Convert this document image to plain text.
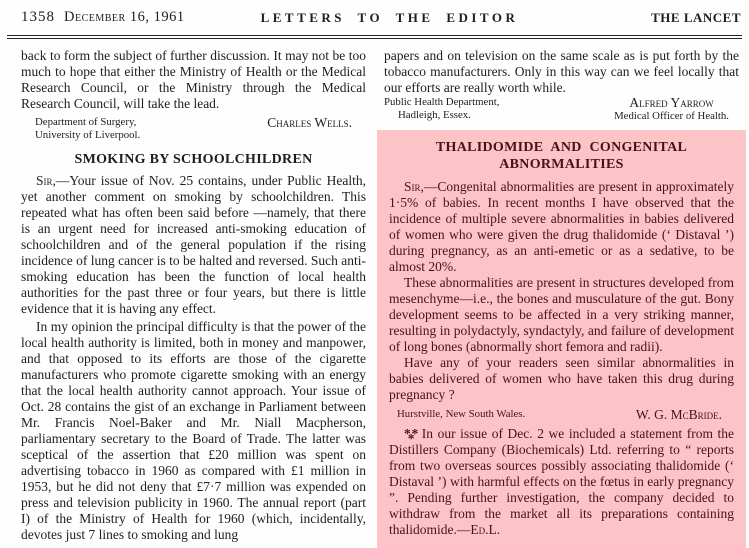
1358 December 16, 1961	LETTERS TO THE EDITOR	THE LANCET

back to form the subject of further discussion. It may not be too much to hope that either the Ministry of Health or the Medical Research Council, or the Ministry through the Medical Research Council, will take the lead.

Department of Surgery,
University of Liverpool.
Charles Wells.
SMOKING BY SCHOOLCHILDREN

Sir,—Your issue of Nov. 25 contains, under Public Health, yet another comment on smoking by schoolchildren. This repeated what has often been said before —namely, that there is an urgent need for increased anti-smoking education of schoolchildren and of the general population if the rising incidence of lung cancer is to be halted and reversed. Such anti-smoking education has been the function of local health authorities for the past three or four years, but there is little evidence that it is having any effect.

In my opinion the principal difficulty is that the power of the local health authority is limited, both in money and manpower, and that opposed to its efforts are those of the cigarette manufacturers who promote cigarette smoking with an energy that the local health authority cannot approach. Your issue of Oct. 28 contains the gist of an exchange in Parliament between Mr. Francis Noel-Baker and Mr. Niall Macpherson, parliamentary secretary to the Board of Trade. The latter was sceptical of the assertion that £20 million was spent on advertising tobacco in 1960 as compared with £1 million in 1953, but he did not deny that £7·7 million was expended on press and television publicity in 1960. The annual report (part I) of the Ministry of Health for 1960 (which, incidentally, devotes just 7 lines to smoking and lung

papers and on television on the same scale as is put forth by the tobacco manufacturers. Only in this way can we feel locally that our efforts are really worth while.

Public Health Department,
Hadleigh, Essex.
Alfred Yarrow
Medical Officer of Health.
THALIDOMIDE AND CONGENITAL ABNORMALITIES

Sir,—Congenital abnormalities are present in approximately 1·5% of babies. In recent months I have observed that the incidence of multiple severe abnormalities in babies delivered of women who were given the drug thalidomide (‘ Distaval ’) during pregnancy, as an anti-emetic or as a sedative, to be almost 20%.

These abnormalities are present in structures developed from mesenchyme—i.e., the bones and musculature of the gut. Bony development seems to be affected in a very striking manner, resulting in polydactyly, syndactyly, and failure of development of long bones (abnormally short femora and radii).

Have any of your readers seen similar abnormalities in babies delivered of women who have taken this drug during pregnancy ?

Hurstville, New South Wales.	W. G. McBride.

*** In our issue of Dec. 2 we included a statement from the Distillers Company (Biochemicals) Ltd. referring to “ reports from two overseas sources possibly associating thalidomide (‘ Distaval ’) with harmful effects on the fœtus in early pregnancy ”. Pending further investigation, the company decided to withdraw from the market all its preparations containing thalidomide.—Ed.L.
